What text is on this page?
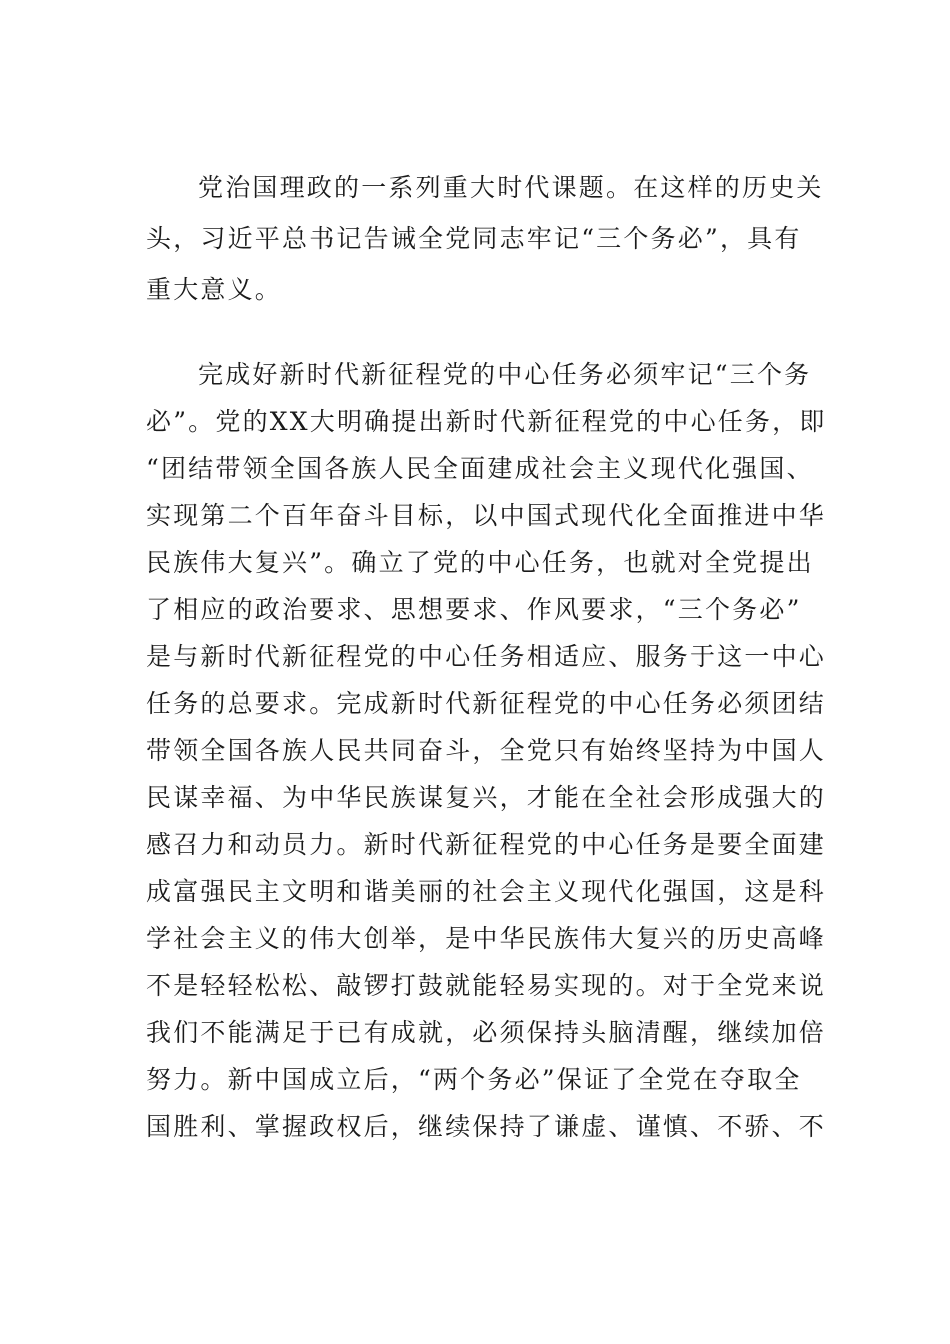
党治国理政的一系列重大时代课题。在这样的历史关
头，习近平总书记告诫全党同志牢记“三个务必”，具有
重大意义。
完成好新时代新征程党的中心任务必须牢记“三个务
必”。党的XX大明确提出新时代新征程党的中心任务，即
“团结带领全国各族人民全面建成社会主义现代化强国、
实现第二个百年奋斗目标，以中国式现代化全面推进中华
民族伟大复兴”。确立了党的中心任务，也就对全党提出
了相应的政治要求、思想要求、作风要求，“三个务必”
是与新时代新征程党的中心任务相适应、服务于这一中心
任务的总要求。完成新时代新征程党的中心任务必须团结
带领全国各族人民共同奋斗，全党只有始终坚持为中国人
民谋幸福、为中华民族谋复兴，才能在全社会形成强大的
感召力和动员力。新时代新征程党的中心任务是要全面建
成富强民主文明和谐美丽的社会主义现代化强国，这是科
学社会主义的伟大创举，是中华民族伟大复兴的历史高峰
不是轻轻松松、敲锣打鼓就能轻易实现的。对于全党来说
我们不能满足于已有成就，必须保持头脑清醒，继续加倍
努力。新中国成立后，“两个务必”保证了全党在夺取全
国胜利、掌握政权后，继续保持了谦虚、谨慎、不骄、不
